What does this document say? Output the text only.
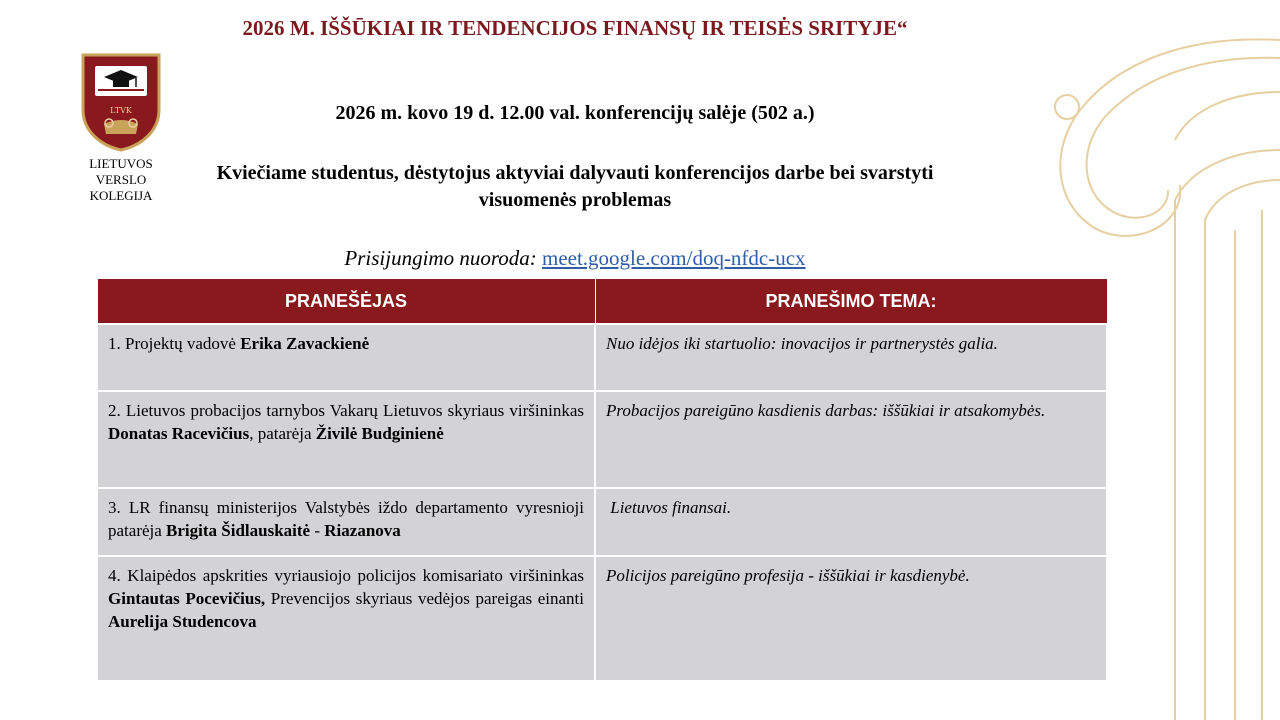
LTVK
LIETUVOS
VERSLO
KOLEGIJA
2026 M. IŠŠŪKIAI IR TENDENCIJOS FINANSŲ IR TEISĖS SRITYJE“
2026 m. kovo 19 d. 12.00 val. konferencijų salėje (502 a.)
Kviečiame studentus, dėstytojus aktyviai dalyvauti konferencijos darbe bei svarstyti visuomenės problemas
Prisijungimo nuoroda: meet.google.com/doq-nfdc-ucx
PRANEŠĖJAS	PRANEŠIMO TEMA:
1. Projektų vadovė Erika Zavackienė	Nuo idėjos iki startuolio: inovacijos ir partnerystės galia.
2. Lietuvos probacijos tarnybos Vakarų Lietuvos skyriaus viršininkas Donatas Racevičius, patarėja Živilė Budginienė	Probacijos pareigūno kasdienis darbas: iššūkiai ir atsakomybės.
3. LR finansų ministerijos Valstybės iždo departamento vyresnioji patarėja Brigita Šidlauskaitė - Riazanova	Lietuvos finansai.
4. Klaipėdos apskrities vyriausiojo policijos komisariato viršininkas Gintautas Pocevičius, Prevencijos skyriaus vedėjos pareigas einanti Aurelija Studencova	Policijos pareigūno profesija - iššūkiai ir kasdienybė.
